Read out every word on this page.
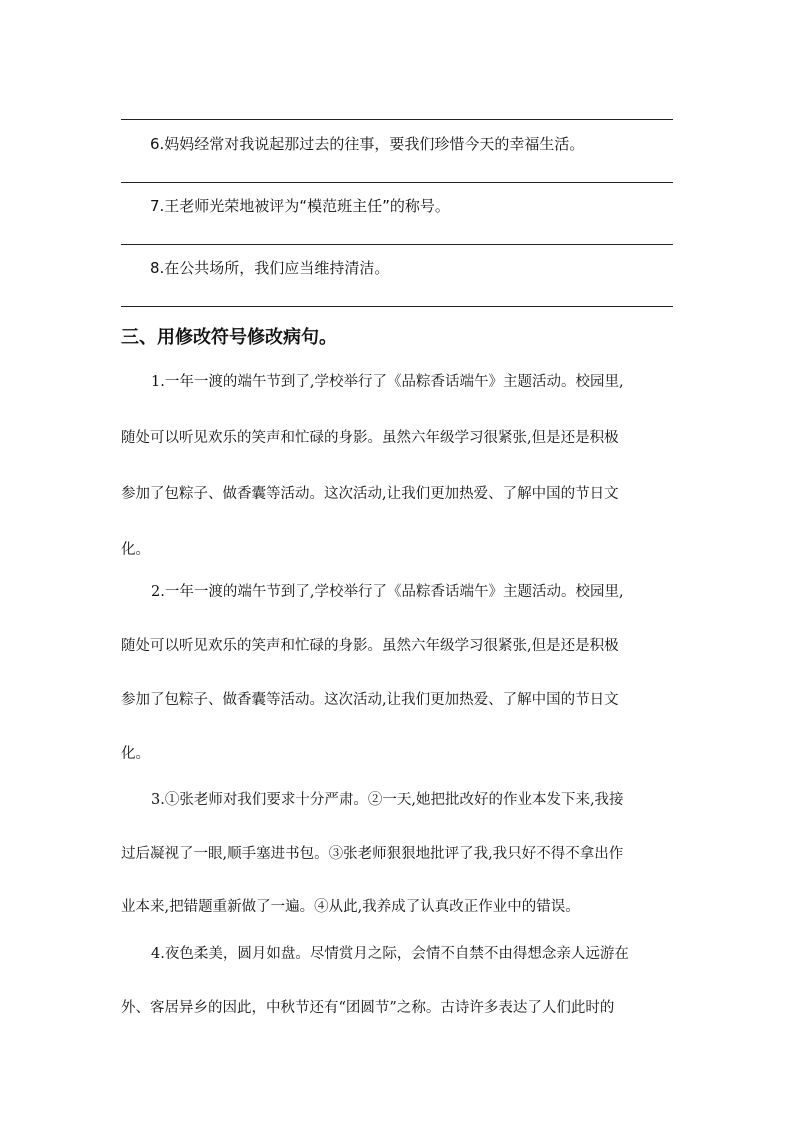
6.妈妈经常对我说起那过去的往事，要我们珍惜今天的幸福生活。
7.王老师光荣地被评为“模范班主任”的称号。
8.在公共场所，我们应当维持清洁。
三、用修改符号修改病句。
1.一年一渡的端午节到了,学校举行了《品粽香话端午》主题活动。校园里,
随处可以听见欢乐的笑声和忙碌的身影。虽然六年级学习很紧张,但是还是积极
参加了包粽子、做香囊等活动。这次活动,让我们更加热爱、了解中国的节日文
化。
2.一年一渡的端午节到了,学校举行了《品粽香话端午》主题活动。校园里,
随处可以听见欢乐的笑声和忙碌的身影。虽然六年级学习很紧张,但是还是积极
参加了包粽子、做香囊等活动。这次活动,让我们更加热爱、了解中国的节日文
化。
3.①张老师对我们要求十分严肃。②一天,她把批改好的作业本发下来,我接
过后凝视了一眼,顺手塞进书包。③张老师狠狠地批评了我,我只好不得不拿出作
业本来,把错题重新做了一遍。④从此,我养成了认真改正作业中的错误。
4.夜色柔美，圆月如盘。尽情赏月之际，会情不自禁不由得想念亲人远游在
外、客居异乡的因此，中秋节还有“团圆节”之称。古诗许多表达了人们此时的
